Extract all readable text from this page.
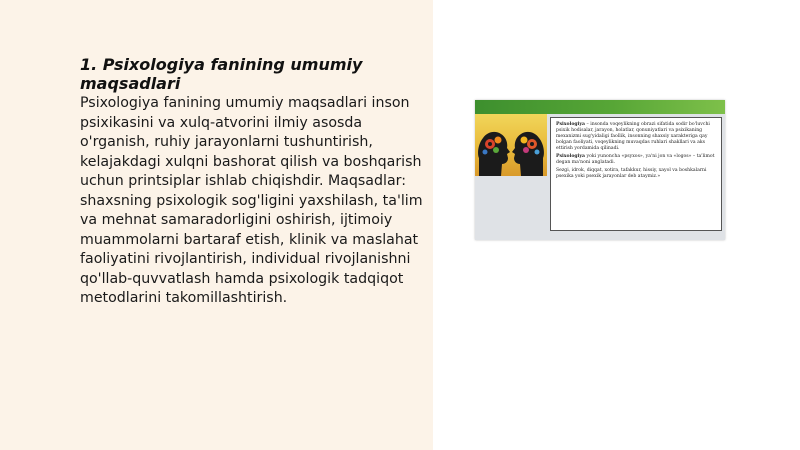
1. Psixologiya fanining umumiy maqsadlari

Psixologiya fanining umumiy maqsadlari inson psixikasini va xulq-atvorini ilmiy asosda o'rganish, ruhiy jarayonlarni tushuntirish, kelajakdagi xulqni bashorat qilish va boshqarish uchun printsiplar ishlab chiqishdir. Maqsadlar: shaxsning psixologik sog'ligini yaxshilash, ta'lim va mehnat samaradorligini oshirish, ijtimoiy muammolarni bartaraf etish, klinik va maslahat faoliyatini rivojlantirish, individual rivojlanishni qo'llab-quvvatlash hamda psixologik tadqiqot metodlarini takomillashtirish.

Psixologiya – insonda voqeylikning obrazi sifatida sodir bo'luvchi psixik hodisalar, jarayon, holatlar, qonuniyatlari va psixikaning mexanizmi sug'yidaligi faollik, insonning shaxsiy xarakteriga qay bolgan faoliyati, voqeylikning muvaqdas ruhlari shakllari va aks ettirish yordamida qilinadi.

Psixologiya yoki yunoncha «psyxos», ya'ni jon va «logos» – ta'limot degan ma'noni anglatadi.

Sezgi, idrok, diqqat, xotira, tafakkur, hissiy, xayol va boshkalarni psexika yoki psexik jarayonlar deb ataymiz.»
